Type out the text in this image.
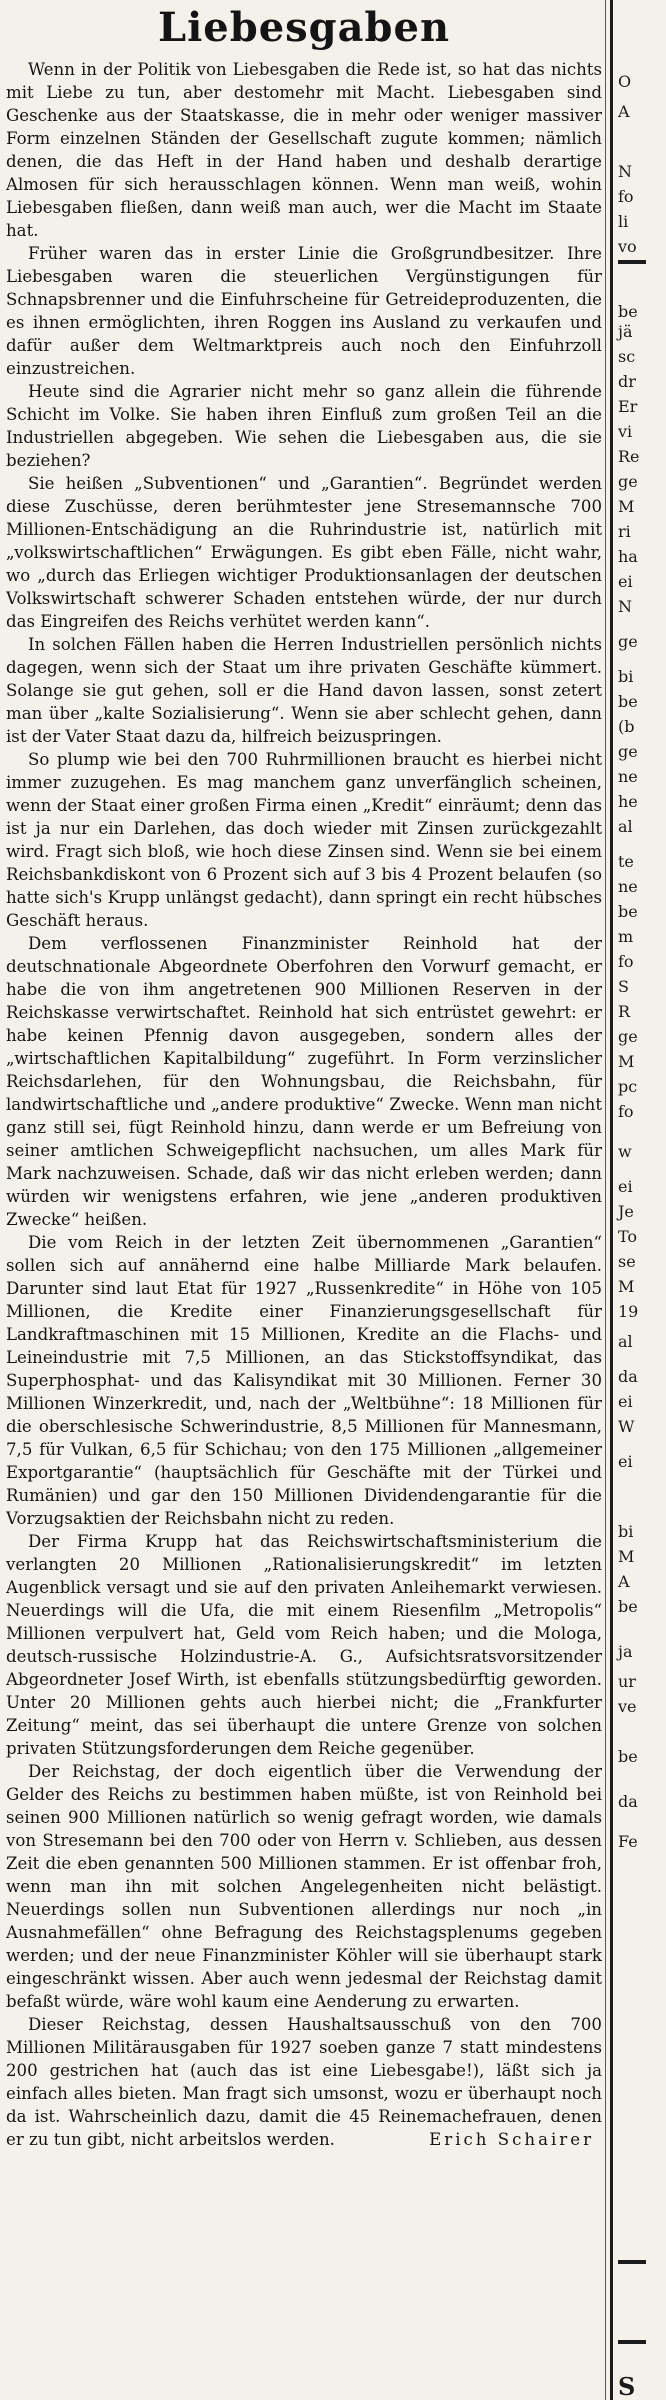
Liebesgaben

Wenn in der Politik von Liebesgaben die Rede ist, so hat das nichts mit Liebe zu tun, aber destomehr mit Macht. Liebesgaben sind Geschenke aus der Staatskasse, die in mehr oder weniger massiver Form einzelnen Ständen der Gesellschaft zugute kommen; nämlich denen, die das Heft in der Hand haben und deshalb derartige Almosen für sich herausschlagen können. Wenn man weiß, wohin Liebesgaben fließen, dann weiß man auch, wer die Macht im Staate hat.

Früher waren das in erster Linie die Großgrundbesitzer. Ihre Liebesgaben waren die steuerlichen Vergünstigungen für Schnapsbrenner und die Einfuhrscheine für Getreideproduzenten, die es ihnen ermöglichten, ihren Roggen ins Ausland zu verkaufen und dafür außer dem Weltmarktpreis auch noch den Einfuhrzoll einzustreichen.

Heute sind die Agrarier nicht mehr so ganz allein die führende Schicht im Volke. Sie haben ihren Einfluß zum großen Teil an die Industriellen abgegeben. Wie sehen die Liebesgaben aus, die sie beziehen?

Sie heißen „Subventionen“ und „Garantien“. Begründet werden diese Zuschüsse, deren berühmtester jene Stresemannsche 700 Millionen-Entschädigung an die Ruhrindustrie ist, natürlich mit „volkswirtschaftlichen“ Erwägungen. Es gibt eben Fälle, nicht wahr, wo „durch das Erliegen wichtiger Produktionsanlagen der deutschen Volkswirtschaft schwerer Schaden entstehen würde, der nur durch das Eingreifen des Reichs verhütet werden kann“.

In solchen Fällen haben die Herren Industriellen persönlich nichts dagegen, wenn sich der Staat um ihre privaten Geschäfte kümmert. Solange sie gut gehen, soll er die Hand davon lassen, sonst zetert man über „kalte Sozialisierung“. Wenn sie aber schlecht gehen, dann ist der Vater Staat dazu da, hilfreich beizuspringen.

So plump wie bei den 700 Ruhrmillionen braucht es hierbei nicht immer zuzugehen. Es mag manchem ganz unverfänglich scheinen, wenn der Staat einer großen Firma einen „Kredit“ einräumt; denn das ist ja nur ein Darlehen, das doch wieder mit Zinsen zurückgezahlt wird. Fragt sich bloß, wie hoch diese Zinsen sind. Wenn sie bei einem Reichsbankdiskont von 6 Prozent sich auf 3 bis 4 Prozent belaufen (so hatte sich's Krupp unlängst gedacht), dann springt ein recht hübsches Geschäft heraus.

Dem verflossenen Finanzminister Reinhold hat der deutschnationale Abgeordnete Oberfohren den Vorwurf gemacht, er habe die von ihm angetretenen 900 Millionen Reserven in der Reichskasse verwirtschaftet. Reinhold hat sich entrüstet gewehrt: er habe keinen Pfennig davon ausgegeben, sondern alles der „wirtschaftlichen Kapitalbildung“ zugeführt. In Form verzinslicher Reichsdarlehen, für den Wohnungsbau, die Reichsbahn, für landwirtschaftliche und „andere produktive“ Zwecke. Wenn man nicht ganz still sei, fügt Reinhold hinzu, dann werde er um Befreiung von seiner amtlichen Schweigepflicht nachsuchen, um alles Mark für Mark nachzuweisen. Schade, daß wir das nicht erleben werden; dann würden wir wenigstens erfahren, wie jene „anderen produktiven Zwecke“ heißen.

Die vom Reich in der letzten Zeit übernommenen „Garantien“ sollen sich auf annähernd eine halbe Milliarde Mark belaufen. Darunter sind laut Etat für 1927 „Russenkredite“ in Höhe von 105 Millionen, die Kredite einer Finanzierungsgesellschaft für Landkraftmaschinen mit 15 Millionen, Kredite an die Flachs- und Leineindustrie mit 7,5 Millionen, an das Stickstoffsyndikat, das Superphosphat- und das Kalisyndikat mit 30 Millionen. Ferner 30 Millionen Winzerkredit, und, nach der „Weltbühne“: 18 Millionen für die oberschlesische Schwerindustrie, 8,5 Millionen für Mannesmann, 7,5 für Vulkan, 6,5 für Schichau; von den 175 Millionen „allgemeiner Exportgarantie“ (hauptsächlich für Geschäfte mit der Türkei und Rumänien) und gar den 150 Millionen Dividendengarantie für die Vorzugsaktien der Reichsbahn nicht zu reden.

Der Firma Krupp hat das Reichswirtschaftsministerium die verlangten 20 Millionen „Rationalisierungskredit“ im letzten Augenblick versagt und sie auf den privaten Anleihemarkt verwiesen. Neuerdings will die Ufa, die mit einem Riesenfilm „Metropolis“ Millionen verpulvert hat, Geld vom Reich haben; und die Mologa, deutsch-russische Holzindustrie-A. G., Aufsichtsratsvorsitzender Abgeordneter Josef Wirth, ist ebenfalls stützungsbedürftig geworden. Unter 20 Millionen gehts auch hierbei nicht; die „Frankfurter Zeitung“ meint, das sei überhaupt die untere Grenze von solchen privaten Stützungsforderungen dem Reiche gegenüber.

Der Reichstag, der doch eigentlich über die Verwendung der Gelder des Reichs zu bestimmen haben müßte, ist von Reinhold bei seinen 900 Millionen natürlich so wenig gefragt worden, wie damals von Stresemann bei den 700 oder von Herrn v. Schlieben, aus dessen Zeit die eben genannten 500 Millionen stammen. Er ist offenbar froh, wenn man ihn mit solchen Angelegenheiten nicht belästigt. Neuerdings sollen nun Subventionen allerdings nur noch „in Ausnahmefällen“ ohne Befragung des Reichstagsplenums gegeben werden; und der neue Finanzminister Köhler will sie überhaupt stark eingeschränkt wissen. Aber auch wenn jedesmal der Reichstag damit befaßt würde, wäre wohl kaum eine Aenderung zu erwarten.

Dieser Reichstag, dessen Haushaltsausschuß von den 700 Millionen Militärausgaben für 1927 soeben ganze 7 statt mindestens 200 gestrichen hat (auch das ist eine Liebesgabe!), läßt sich ja einfach alles bieten. Man fragt sich umsonst, wozu er überhaupt noch da ist. Wahrscheinlich dazu, damit die 45 Reinemachefrauen, denen er zu tun gibt, nicht arbeitslos werden.	Erich Schairer
O
A
N
fo
li
vo
be
jä
sc
dr
Er
vi
Re
ge
M
ri
ha
ei
N
ge
bi
be
(b
ge
ne
he
al
te
ne
be
m
fo
S
R
ge
M
pc
fo
w
ei
Je
To
se
M
19
al
da
ei
W
ei
bi
M
A
be
ja
ur
ve
be
da
Fe
S
